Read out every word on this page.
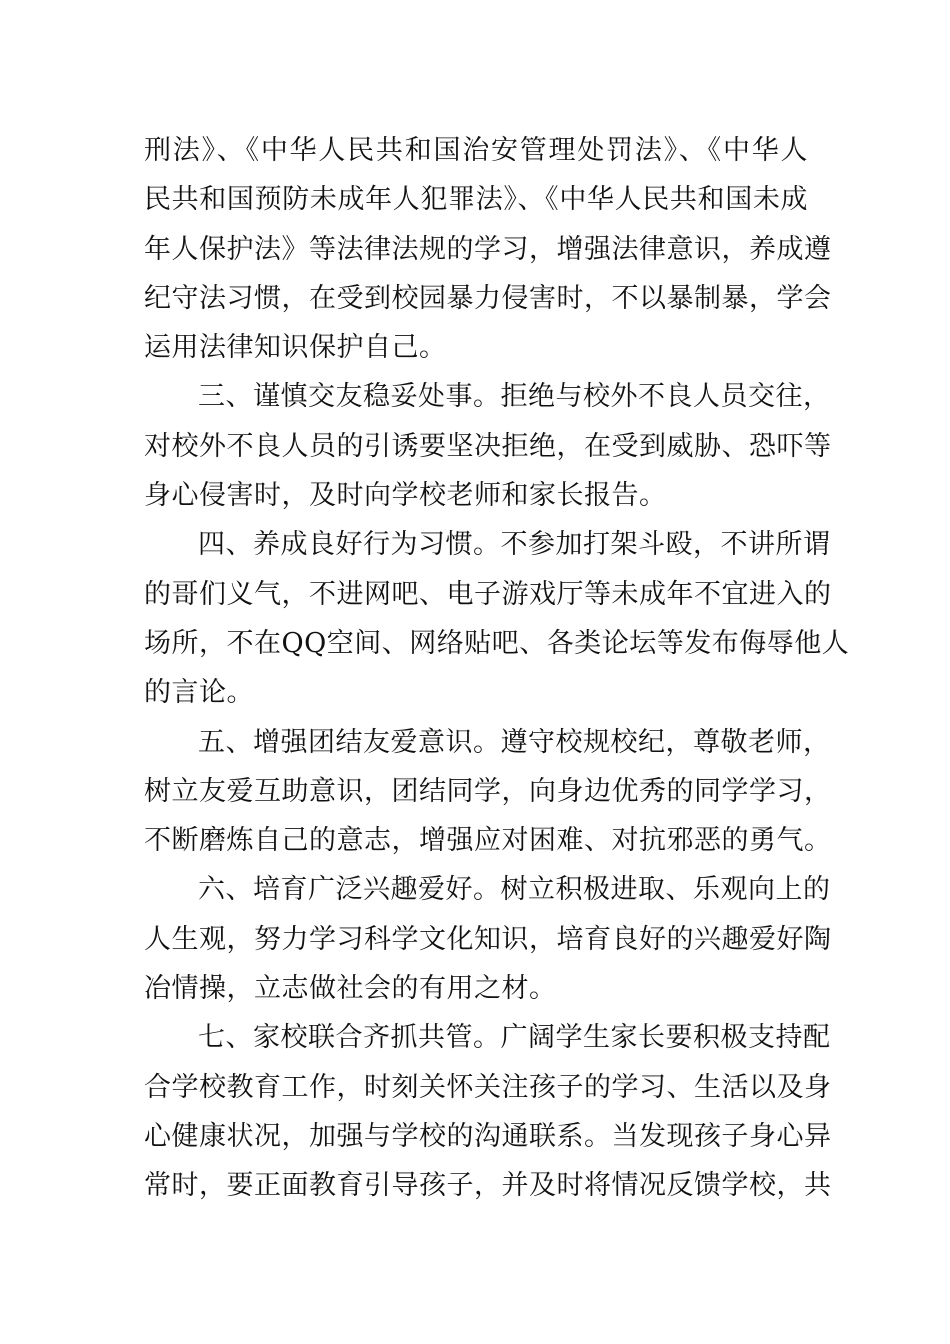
刑法》、《中华人民共和国治安管理处罚法》、《中华人
民共和国预防未成年人犯罪法》、《中华人民共和国未成
年人保护法》等法律法规的学习，增强法律意识，养成遵
纪守法习惯，在受到校园暴力侵害时，不以暴制暴，学会
运用法律知识保护自己。
三、谨慎交友稳妥处事。拒绝与校外不良人员交往，
对校外不良人员的引诱要坚决拒绝，在受到威胁、恐吓等
身心侵害时，及时向学校老师和家长报告。
四、养成良好行为习惯。不参加打架斗殴，不讲所谓
的哥们义气，不进网吧、电子游戏厅等未成年不宜进入的
场所，不在QQ空间、网络贴吧、各类论坛等发布侮辱他人
的言论。
五、增强团结友爱意识。遵守校规校纪，尊敬老师，
树立友爱互助意识，团结同学，向身边优秀的同学学习，
不断磨炼自己的意志，增强应对困难、对抗邪恶的勇气。
六、培育广泛兴趣爱好。树立积极进取、乐观向上的
人生观，努力学习科学文化知识，培育良好的兴趣爱好陶
冶情操，立志做社会的有用之材。
七、家校联合齐抓共管。广阔学生家长要积极支持配
合学校教育工作，时刻关怀关注孩子的学习、生活以及身
心健康状况，加强与学校的沟通联系。当发现孩子身心异
常时，要正面教育引导孩子，并及时将情况反馈学校，共
